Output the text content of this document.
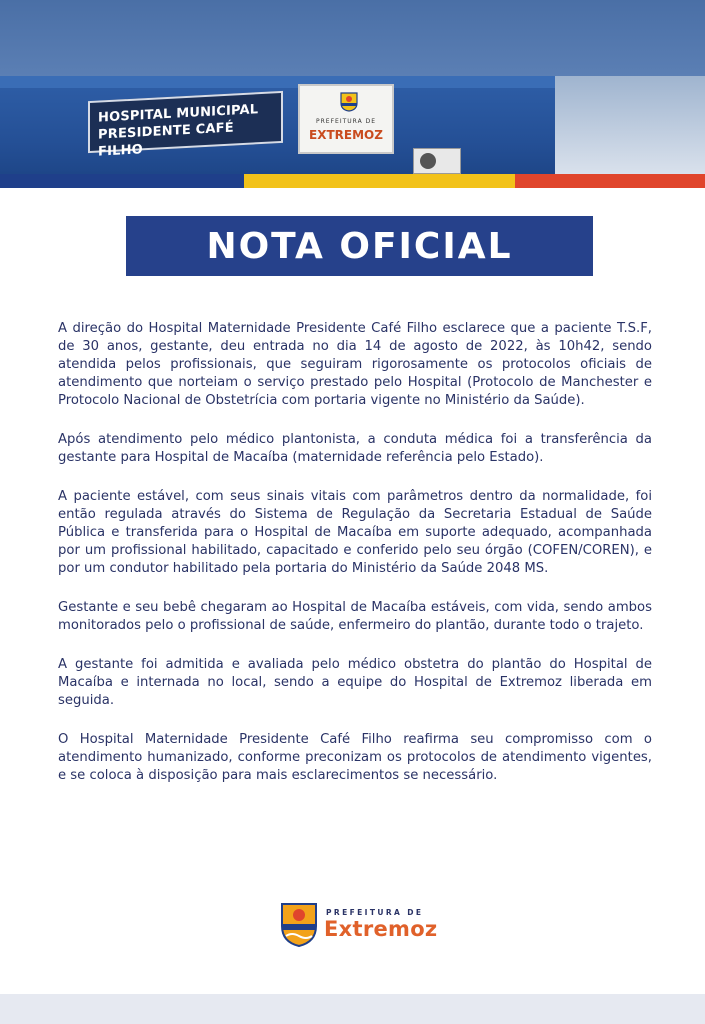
HOSPITAL MUNICIPAL
PRESIDENTE CAFÉ FILHO
PREFEITURA DE
EXTREMOZ
NOTA OFICIAL

A direção do Hospital Maternidade Presidente Café Filho esclarece que a paciente T.S.F, de 30 anos, gestante, deu entrada no dia 14 de agosto de 2022, às 10h42, sendo atendida pelos profissionais, que seguiram rigorosamente os protocolos oficiais de atendimento que norteiam o serviço prestado pelo Hospital (Protocolo de Manchester e Protocolo Nacional de Obstetrícia com portaria vigente no Ministério da Saúde).

Após atendimento pelo médico plantonista, a conduta médica foi a transferência da gestante para Hospital de Macaíba (maternidade referência pelo Estado).

A paciente estável, com seus sinais vitais com parâmetros dentro da normalidade, foi então regulada através do Sistema de Regulação da Secretaria Estadual de Saúde Pública e transferida para o Hospital de Macaíba em suporte adequado, acompanhada por um profissional habilitado, capacitado e conferido pelo seu órgão (COFEN/COREN), e por um condutor habilitado pela portaria do Ministério da Saúde 2048 MS.

Gestante e seu bebê chegaram ao Hospital de Macaíba estáveis, com vida, sendo ambos monitorados pelo o profissional de saúde, enfermeiro do plantão, durante todo o trajeto.

A gestante foi admitida e avaliada pelo médico obstetra do plantão do Hospital de Macaíba e internada no local, sendo a equipe do Hospital de Extremoz liberada em seguida.

O Hospital Maternidade Presidente Café Filho reafirma seu compromisso com o atendimento humanizado, conforme preconizam os protocolos de atendimento vigentes, e se coloca à disposição para mais esclarecimentos se necessário.

PREFEITURA DE
Extremoz
